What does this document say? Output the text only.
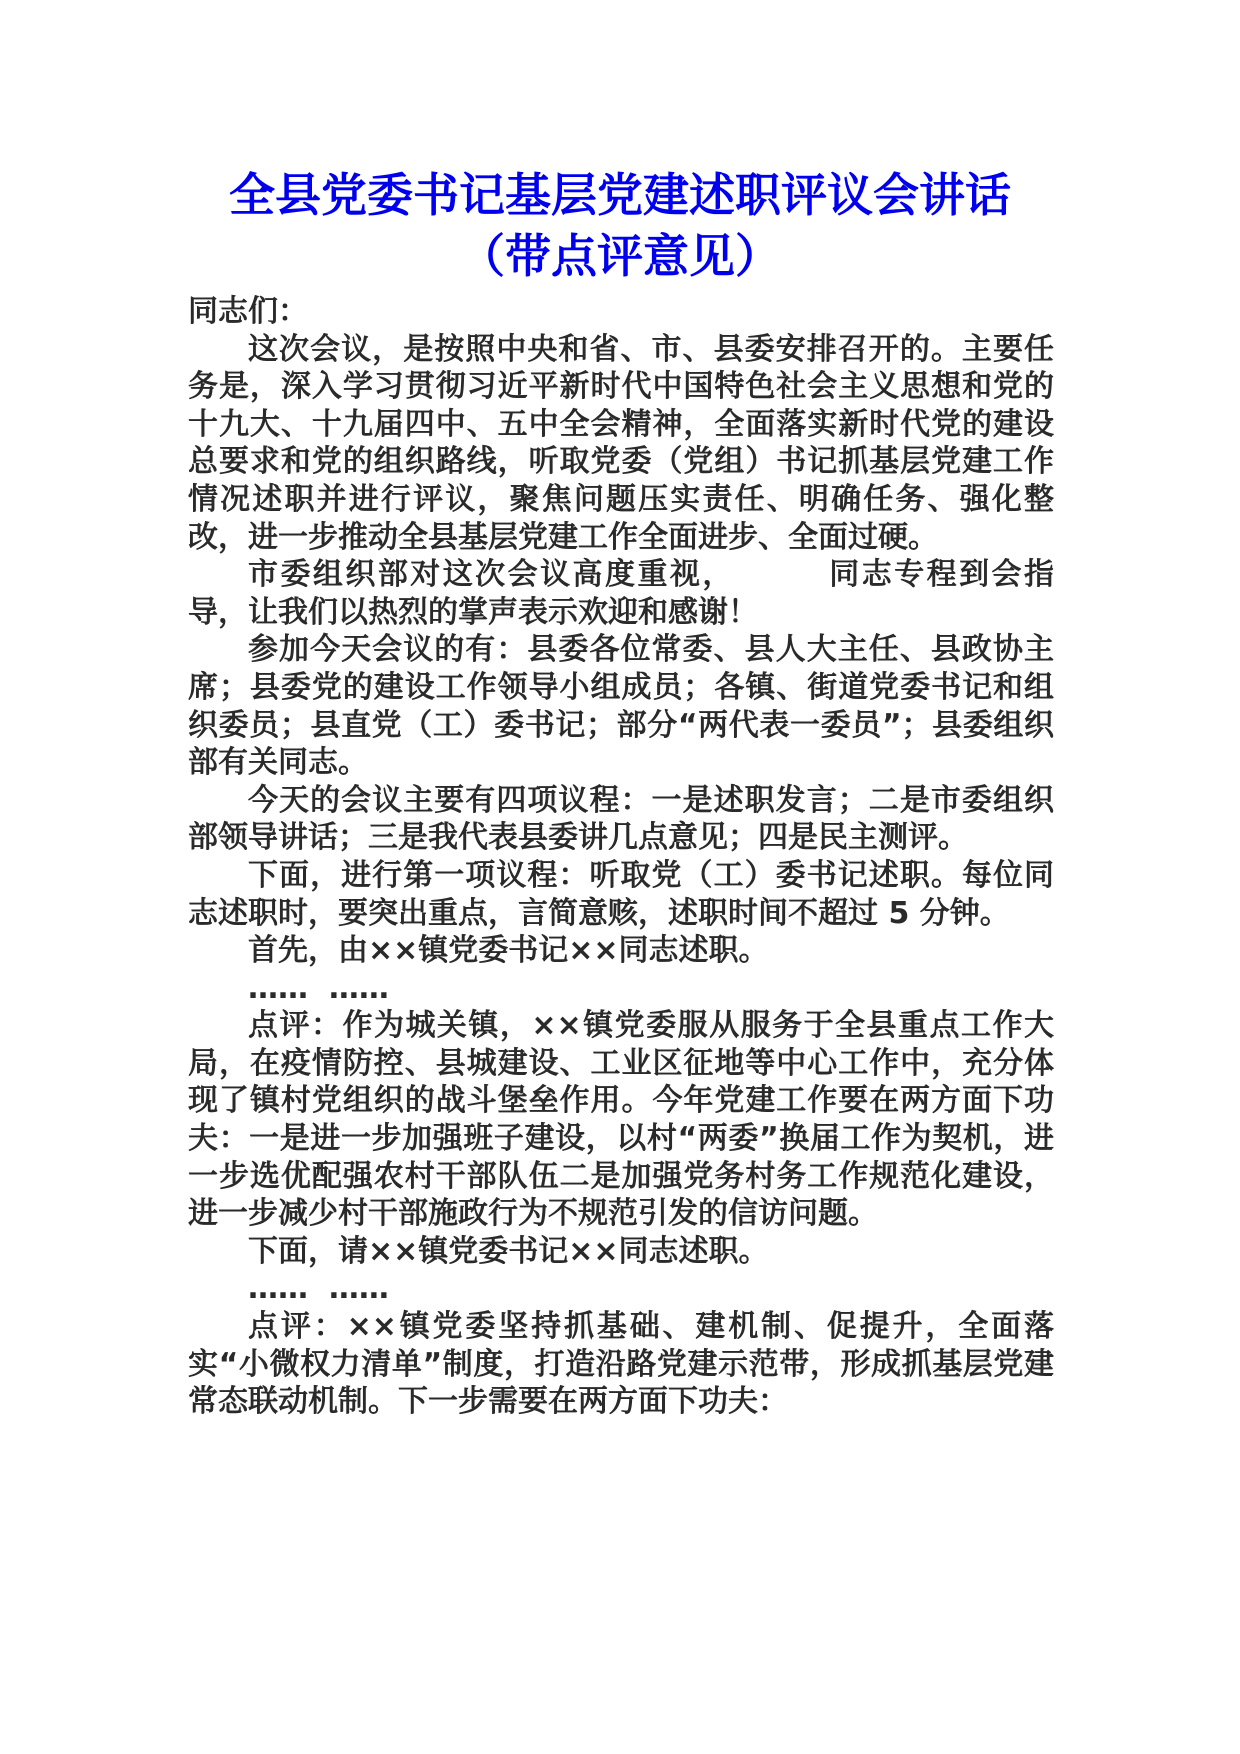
全县党委书记基层党建述职评议会讲话
（带点评意见）

同志们：

这次会议，是按照中央和省、市、县委安排召开的。主要任务是，深入学习贯彻习近平新时代中国特色社会主义思想和党的十九大、十九届四中、五中全会精神，全面落实新时代党的建设总要求和党的组织路线，听取党委（党组）书记抓基层党建工作情况述职并进行评议，聚焦问题压实责任、明确任务、强化整改，进一步推动全县基层党建工作全面进步、全面过硬。

市委组织部对这次会议高度重视，	同志专程到会指导，让我们以热烈的掌声表示欢迎和感谢！

参加今天会议的有：县委各位常委、县人大主任、县政协主席；县委党的建设工作领导小组成员；各镇、街道党委书记和组织委员；县直党（工）委书记；部分“两代表一委员”；县委组织部有关同志。

今天的会议主要有四项议程：一是述职发言；二是市委组织部领导讲话；三是我代表县委讲几点意见；四是民主测评。

下面，进行第一项议程：听取党（工）委书记述职。每位同志述职时，要突出重点，言简意赅，述职时间不超过 5 分钟。

首先，由××镇党委书记××同志述职。

……  ……

点评：作为城关镇，××镇党委服从服务于全县重点工作大局，在疫情防控、县城建设、工业区征地等中心工作中，充分体现了镇村党组织的战斗堡垒作用。今年党建工作要在两方面下功夫：一是进一步加强班子建设，以村“两委”换届工作为契机，进一步选优配强农村干部队伍二是加强党务村务工作规范化建设，进一步减少村干部施政行为不规范引发的信访问题。

下面，请××镇党委书记××同志述职。

……  ……

点评：××镇党委坚持抓基础、建机制、促提升，全面落实“小微权力清单”制度，打造沿路党建示范带，形成抓基层党建常态联动机制。下一步需要在两方面下功夫：
